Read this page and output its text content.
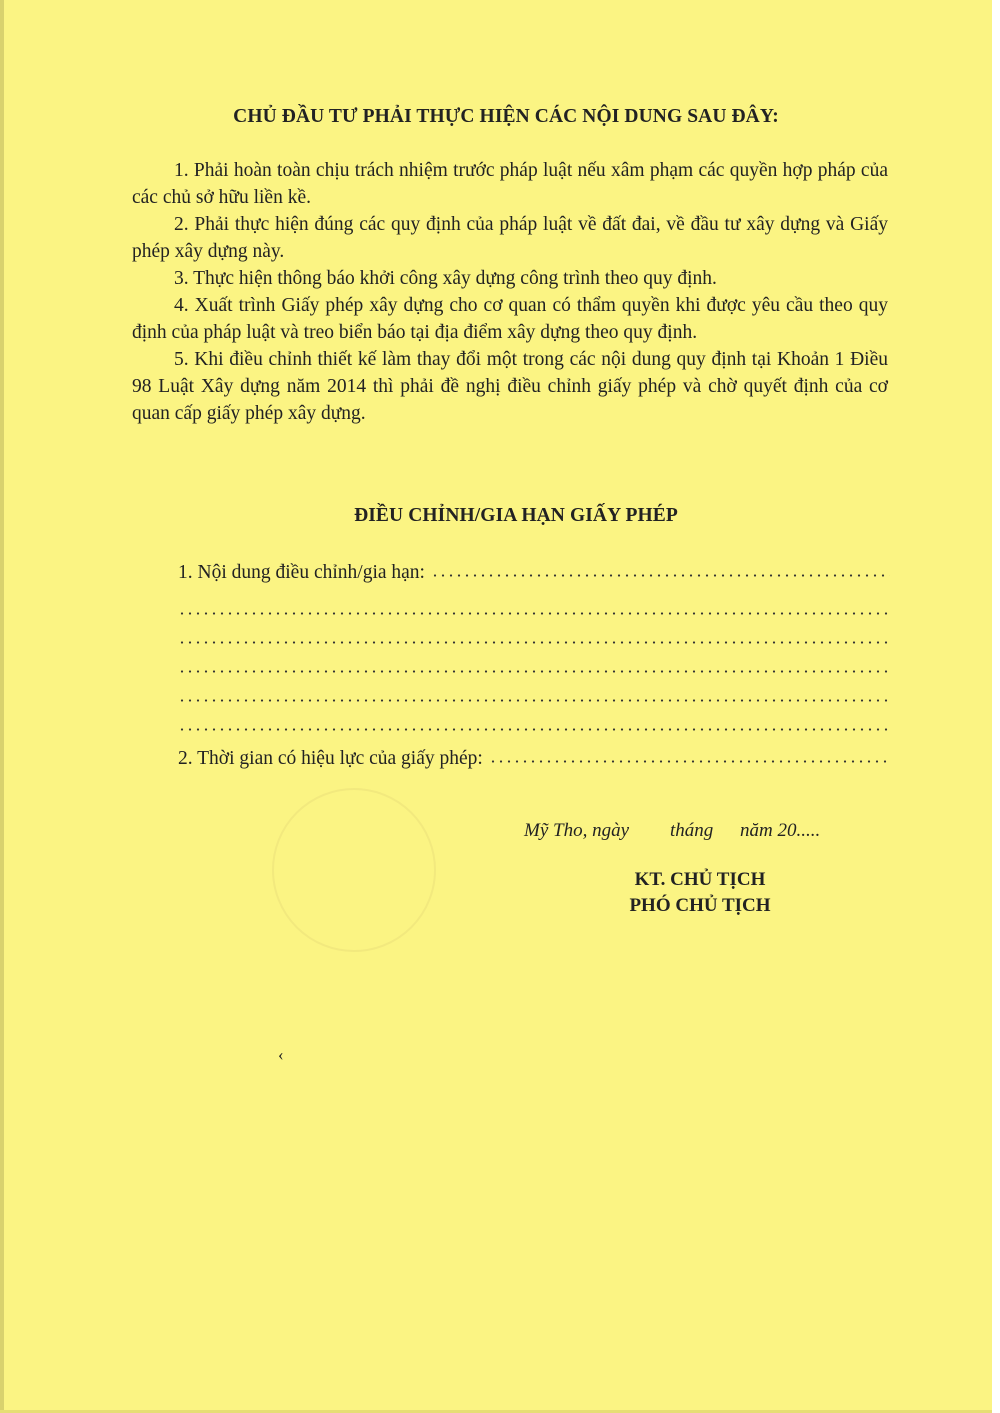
CHỦ ĐẦU TƯ PHẢI THỰC HIỆN CÁC NỘI DUNG SAU ĐÂY:

1. Phải hoàn toàn chịu trách nhiệm trước pháp luật nếu xâm phạm các quyền hợp pháp của các chủ sở hữu liền kề.

2. Phải thực hiện đúng các quy định của pháp luật về đất đai, về đầu tư xây dựng và Giấy phép xây dựng này.

3. Thực hiện thông báo khởi công xây dựng công trình theo quy định.

4. Xuất trình Giấy phép xây dựng cho cơ quan có thẩm quyền khi được yêu cầu theo quy định của pháp luật và treo biển báo tại địa điểm xây dựng theo quy định.

5. Khi điều chỉnh thiết kế làm thay đổi một trong các nội dung quy định tại Khoản 1 Điều 98 Luật Xây dựng năm 2014 thì phải đề nghị điều chỉnh giấy phép và chờ quyết định của cơ quan cấp giấy phép xây dựng.

ĐIỀU CHỈNH/GIA HẠN GIẤY PHÉP
1. Nội dung điều chỉnh/gia hạn:
2. Thời gian có hiệu lực của giấy phép:
Mỹ Tho, ngày tháng năm 20.....
KT. CHỦ TỊCH
PHÓ CHỦ TỊCH
‹
